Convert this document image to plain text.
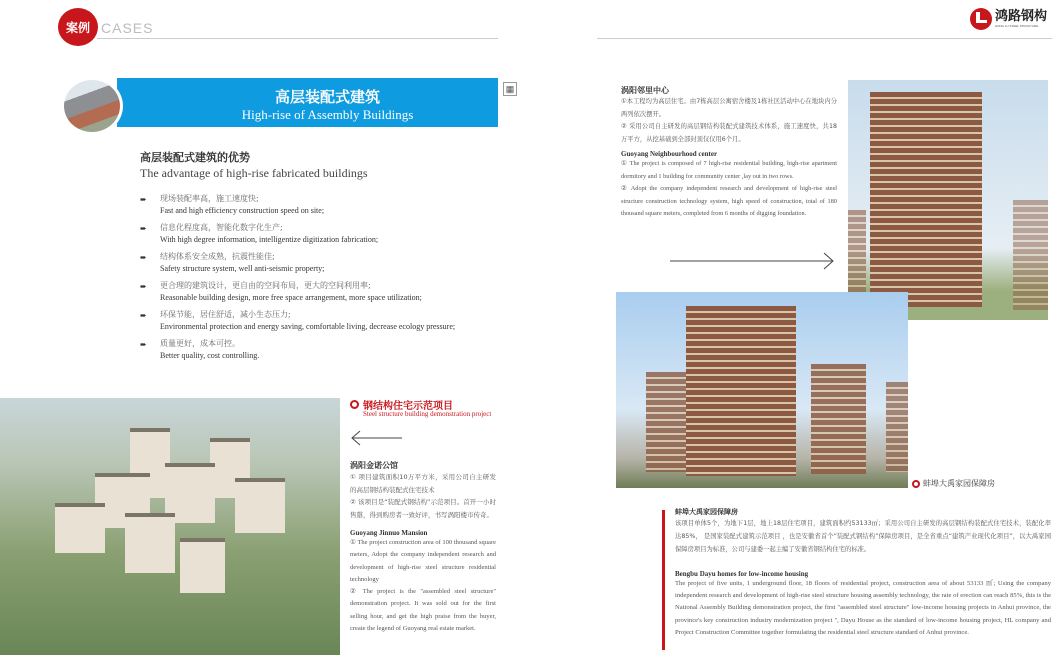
案例 CASES
鸿路钢构
HONG LU STEEL STRUCTURE
高层装配式建筑
High-rise of Assembly Buildings
▦
高层装配式建筑的优势
The advantage of high-rise fabricated buildings
➨ 现场装配率高，施工速度快;
Fast and high efficiency construction speed on site;
➨ 信息化程度高，智能化数字化生产;
With high degree information, intelligentize digitization fabrication;
➨ 结构体系安全成熟，抗震性能佳;
Safety structure system, well anti-seismic property;
➨ 更合理的建筑设计，更自由的空间布局，更大的空间利用率;
Reasonable building design, more free space arrangement, more space utilization;
➨ 环保节能，居住舒适，减小生态压力;
Environmental protection and energy saving, comfortable living, decrease ecology pressure;
➨ 质量更好，成本可控。
Better quality, cost controlling.
钢结构住宅示范项目
Steel structure building demonstration project
涡阳金诺公馆
① 项目建筑面积10万平方米，采用公司自主研发的高层钢结构装配式住宅技术
② 该项目是“装配式钢结构”示范项目。首开一小时售罄，得到购房者一致好评，书写涡阳楼市传奇。
Guoyang Jinnuo Mansion
① The project construction area of 100 thousand square meters, Adopt the company independent research and development of high-rise steel structure residential technology
② The project is the "assembled steel structure" demonstration project. It was sold out for the first selling hour, and get the high praise from the buyer, create the legend of Guoyang real estate market.
涡阳邻里中心
①本工程均为高层住宅。由7栋高层公寓宿舍楼及1栋社区活动中心在地块内分两列依次摆开。
② 采用公司自主研发的高层钢结构装配式建筑技术体系，施工速度快，共18万平方，从挖基础到全部封顶仅仅用6个月。
Guoyang Neighbourhood center
① The project is composed of 7 high-rise residential building, high-rise apartment dormitory and 1 building for community center ,lay out in two rows.
② Adopt the company independent research and development of high-rise steel structure construction technology system, high speed of construction, total of 180 thousand square meters, completed from 6 months of digging foundation.
蚌埠大禹家园保障房
蚌埠大禹家园保障房
该项目单体5个，为地下1层，地上18层住宅项目，建筑面积约53133㎡；采用公司自主研发的高层钢结构装配式住宅技术，装配化率达85%， 是国家装配式建筑示范项目 ，也是安徽省首个“装配式钢结构”保障房项目，是全省重点“建筑产业现代化项目”，以大禹家园保障房项目为标准，公司与建委一起主编了安徽省钢结构住宅的标准。
Bengbu Dayu homes for low-income housing
The project of five units, 1 underground floor, 18 floors of residential project, construction area of about 53133 ㎡; Using the company independent research and development of high-rise steel structure housing assembly technology, the rate of erection can reach 85%, this is the National Assembly Building demonstration project, the first "assembled steel structure" low-income housing projects in Anhui province, the province's key construction industry modernization project ", Dayu House as the standard of low-income housing project, HL company and Project Construction Committee together formulating the residential steel structure standard of Anhui province.
